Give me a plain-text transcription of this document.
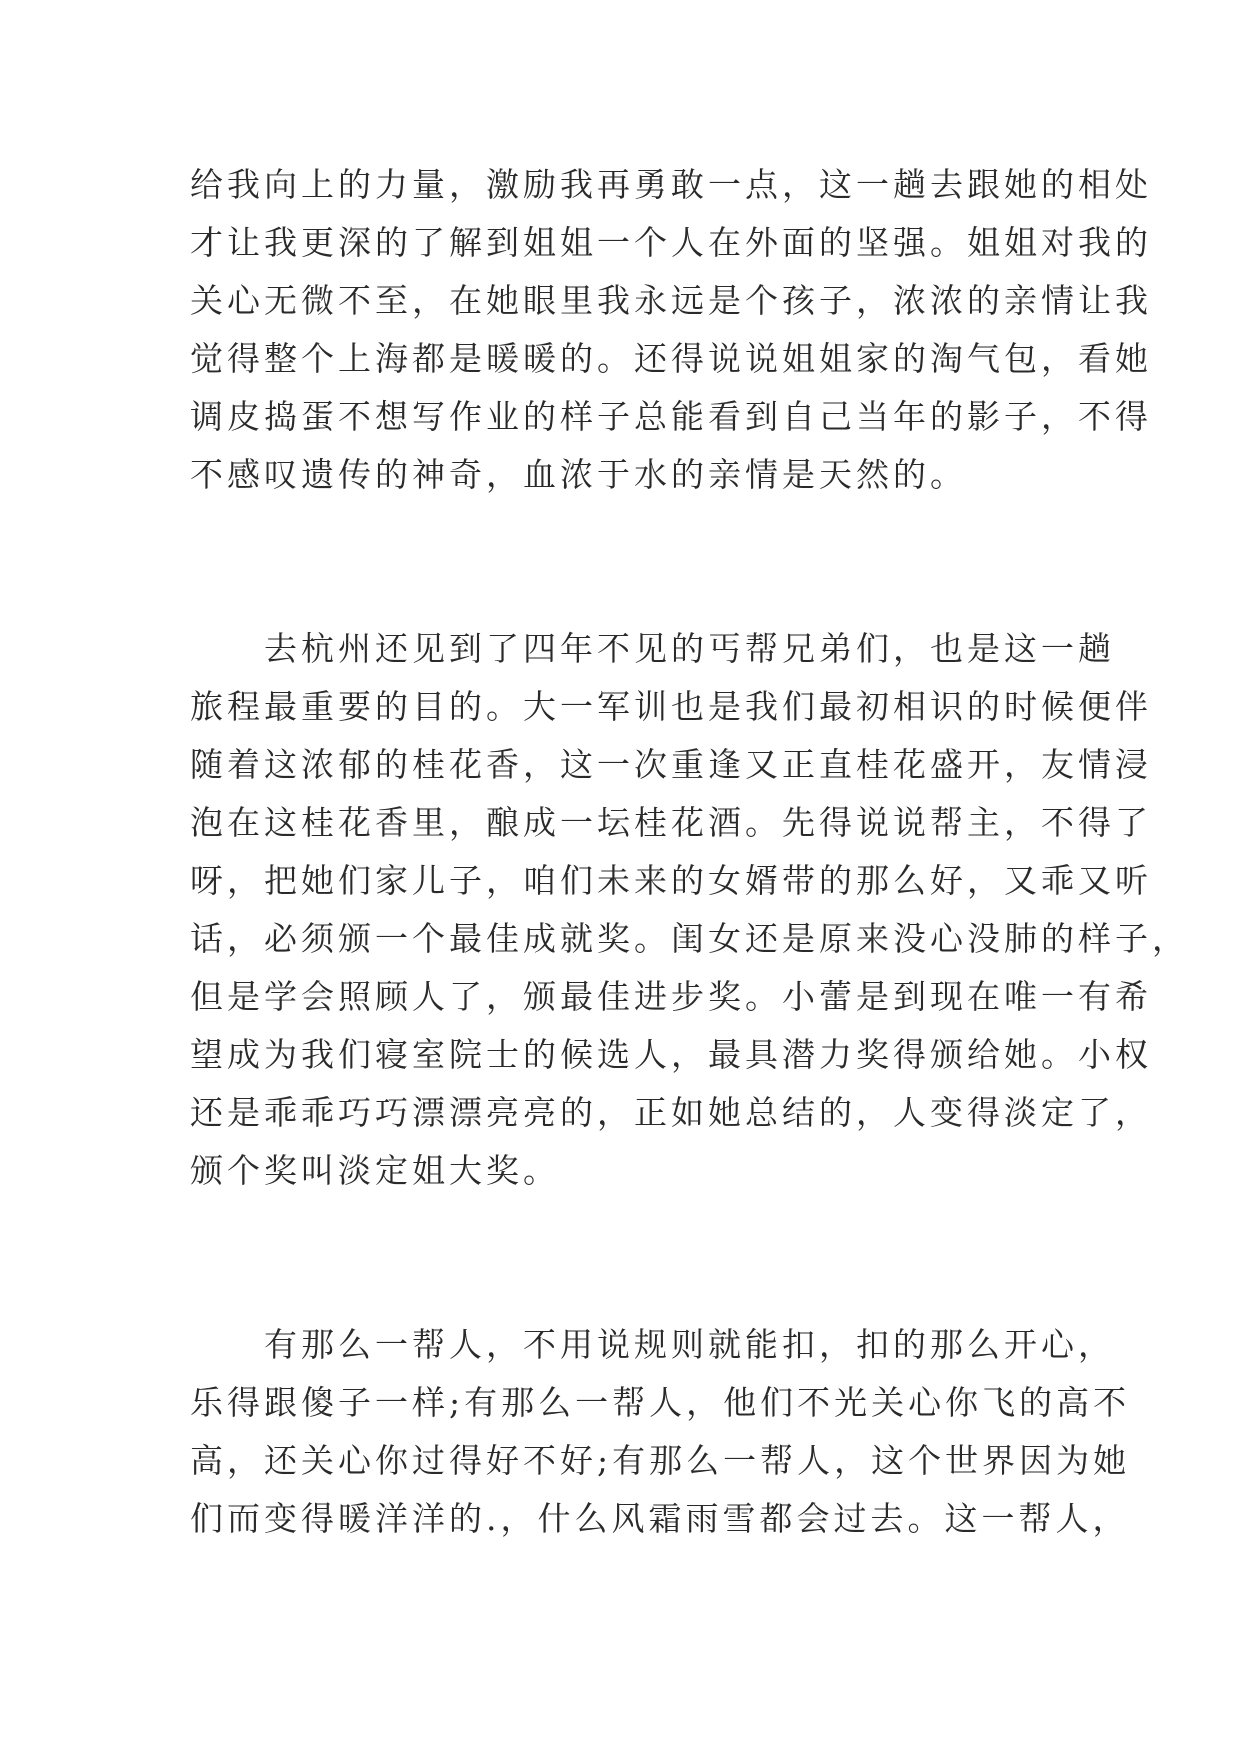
给我向上的力量，激励我再勇敢一点，这一趟去跟她的相处
才让我更深的了解到姐姐一个人在外面的坚强。姐姐对我的
关心无微不至，在她眼里我永远是个孩子，浓浓的亲情让我
觉得整个上海都是暖暖的。还得说说姐姐家的淘气包，看她
调皮捣蛋不想写作业的样子总能看到自己当年的影子，不得
不感叹遗传的神奇，血浓于水的亲情是天然的。
　　去杭州还见到了四年不见的丐帮兄弟们，也是这一趟
旅程最重要的目的。大一军训也是我们最初相识的时候便伴
随着这浓郁的桂花香，这一次重逢又正直桂花盛开，友情浸
泡在这桂花香里，酿成一坛桂花酒。先得说说帮主，不得了
呀，把她们家儿子，咱们未来的女婿带的那么好，又乖又听
话，必须颁一个最佳成就奖。闺女还是原来没心没肺的样子，
但是学会照顾人了，颁最佳进步奖。小蕾是到现在唯一有希
望成为我们寝室院士的候选人，最具潜力奖得颁给她。小权
还是乖乖巧巧漂漂亮亮的，正如她总结的，人变得淡定了，
颁个奖叫淡定姐大奖。
　　有那么一帮人，不用说规则就能扣，扣的那么开心，
乐得跟傻子一样;有那么一帮人，他们不光关心你飞的高不
高，还关心你过得好不好;有那么一帮人，这个世界因为她
们而变得暖洋洋的.，什么风霜雨雪都会过去。这一帮人，
